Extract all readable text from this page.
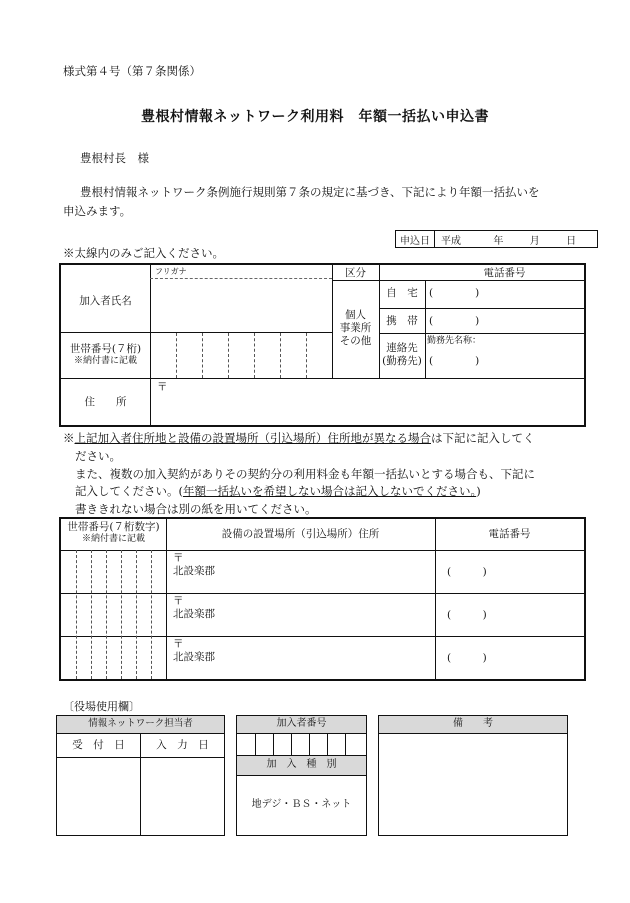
様式第４号（第７条関係）
豊根村情報ネットワーク利用料　年額一括払い申込書
豊根村長　様
豊根村情報ネットワーク条例施行規則第７条の規定に基づき、下記により年額一括払いを
申込みます。
申込日	平成	年	月	日
※太線内のみご記入ください。
フリガナ
加入者氏名
区分	電話番号
個人
事業所
その他
自　宅	(　　　　)
携　帯	(　　　　)
連絡先
(勤務先)
勤務先名称：
(　　　　)
世帯番号(７桁)
※納付書に記載
住　　所
〒
※上記加入者住所地と設備の設置場所（引込場所）住所地が異なる場合は下記に記入してく
ださい。
また、複数の加入契約がありその契約分の利用料金も年額一括払いとする場合も、下記に
記入してください。(年額一括払いを希望しない場合は記入しないでください。)
書ききれない場合は別の紙を用いてください。
世帯番号(７桁数字)
※納付書に記載	設備の設置場所（引込場所）住所	電話番号
〒
北設楽郡	(　　　)
〒
北設楽郡	(　　　)
〒
北設楽郡	(　　　)
〔役場使用欄〕
情報ネットワーク担当者
受　付　日	入　力　日
加入者番号
加　入　種　別
地デジ・ＢＳ・ネット
備　　考
